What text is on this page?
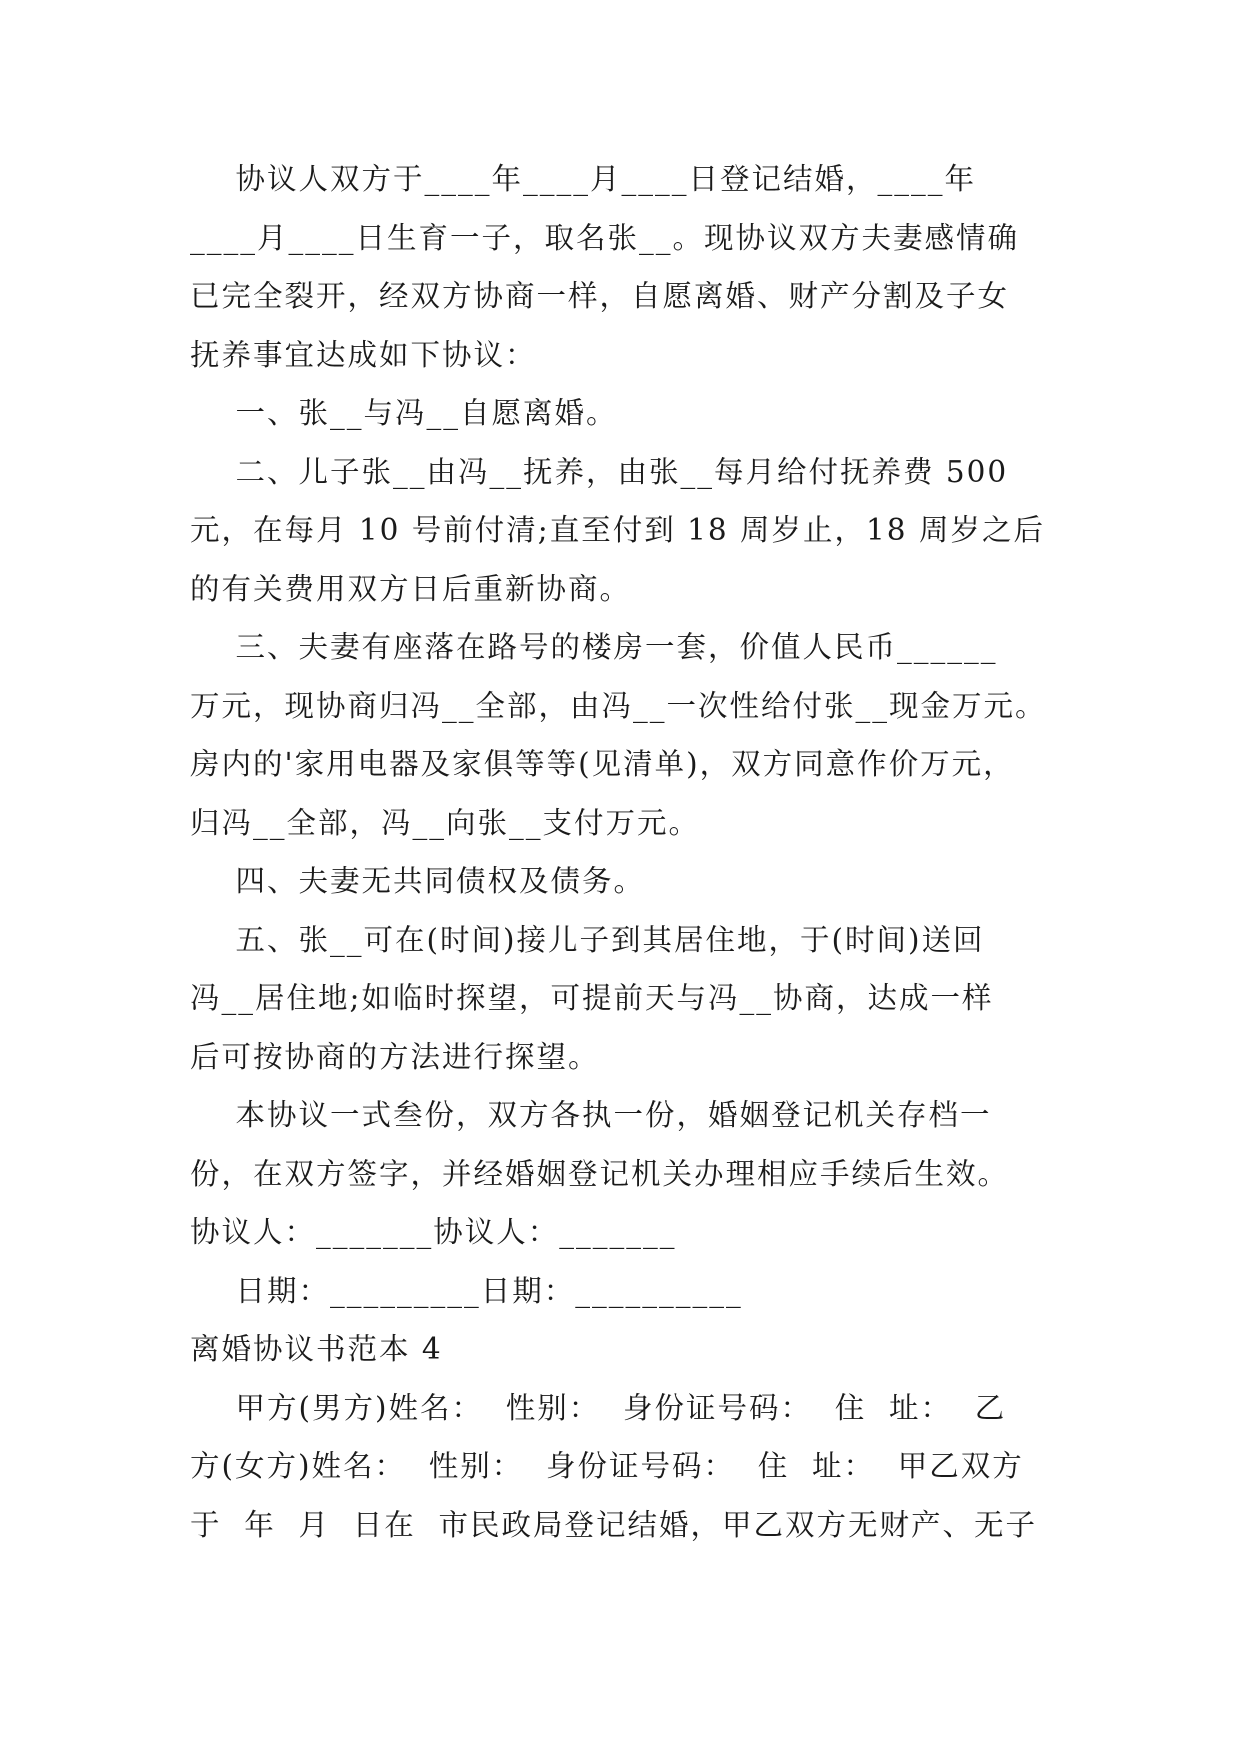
协议人双方于____年____月____日登记结婚，____年
____月____日生育一子，取名张__。现协议双方夫妻感情确
已完全裂开，经双方协商一样，自愿离婚、财产分割及子女
抚养事宜达成如下协议：
一、张__与冯__自愿离婚。
二、儿子张__由冯__抚养，由张__每月给付抚养费 500
元，在每月 10 号前付清;直至付到 18 周岁止，18 周岁之后
的有关费用双方日后重新协商。
三、夫妻有座落在路号的楼房一套，价值人民币______
万元，现协商归冯__全部，由冯__一次性给付张__现金万元。
房内的'家用电器及家俱等等(见清单)，双方同意作价万元，
归冯__全部，冯__向张__支付万元。
四、夫妻无共同债权及债务。
五、张__可在(时间)接儿子到其居住地，于(时间)送回
冯__居住地;如临时探望，可提前天与冯__协商，达成一样
后可按协商的方法进行探望。
本协议一式叁份，双方各执一份，婚姻登记机关存档一
份，在双方签字，并经婚姻登记机关办理相应手续后生效。
协议人：_______协议人：_______
日期：_________日期：__________
离婚协议书范本 4
甲方(男方)姓名：  性别：  身份证号码：  住  址：  乙
方(女方)姓名：  性别：  身份证号码：  住  址：  甲乙双方
于  年  月  日在  市民政局登记结婚，甲乙双方无财产、无子
